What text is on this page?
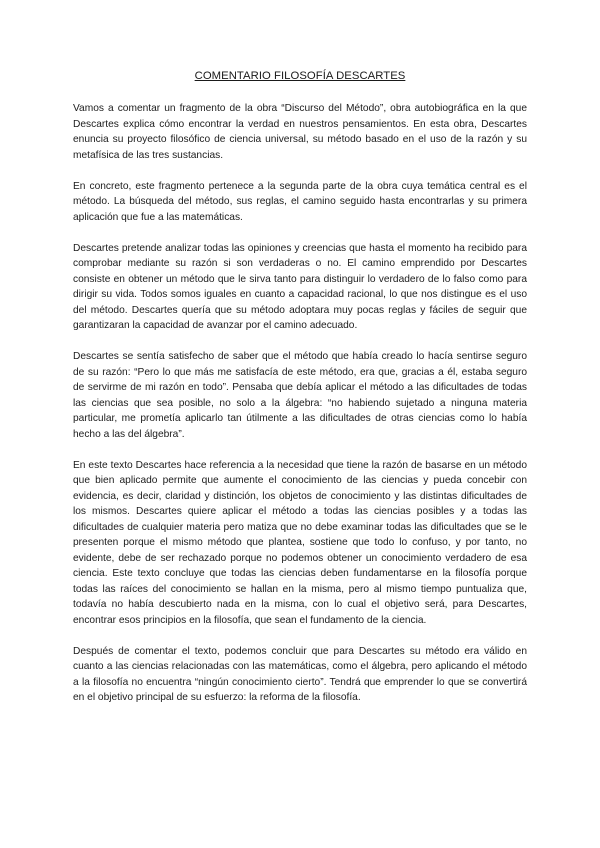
COMENTARIO FILOSOFÍA DESCARTES

Vamos a comentar un fragmento de la obra “Discurso del Método”, obra autobiográfica en la que Descartes explica cómo encontrar la verdad en nuestros pensamientos. En esta obra, Descartes enuncia su proyecto filosófico de ciencia universal, su método basado en el uso de la razón y su metafísica de las tres sustancias.

En concreto, este fragmento pertenece a la segunda parte de la obra cuya temática central es el método. La búsqueda del método, sus reglas, el camino seguido hasta encontrarlas y su primera aplicación que fue a las matemáticas.

Descartes pretende analizar todas las opiniones y creencias que hasta el momento ha recibido para comprobar mediante su razón si son verdaderas o no. El camino emprendido por Descartes consiste en obtener un método que le sirva tanto para distinguir lo verdadero de lo falso como para dirigir su vida. Todos somos iguales en cuanto a capacidad racional, lo que nos distingue es el uso del método. Descartes quería que su método adoptara muy pocas reglas y fáciles de seguir que garantizaran la capacidad de avanzar por el camino adecuado.

Descartes se sentía satisfecho de saber que el método que había creado lo hacía sentirse seguro de su razón: “Pero lo que más me satisfacía de este método, era que, gracias a él, estaba seguro de servirme de mi razón en todo”. Pensaba que debía aplicar el método a las dificultades de todas las ciencias que sea posible, no solo a la álgebra: “no habiendo sujetado a ninguna materia particular, me prometía aplicarlo tan útilmente a las dificultades de otras ciencias como lo había hecho a las del álgebra”.

En este texto Descartes hace referencia a la necesidad que tiene la razón de basarse en un método que bien aplicado permite que aumente el conocimiento de las ciencias y pueda concebir con evidencia, es decir, claridad y distinción, los objetos de conocimiento y las distintas dificultades de los mismos. Descartes quiere aplicar el método a todas las ciencias posibles y a todas las dificultades de cualquier materia pero matiza que no debe examinar todas las dificultades que se le presenten porque el mismo método que plantea, sostiene que todo lo confuso, y por tanto, no evidente, debe de ser rechazado porque no podemos obtener un conocimiento verdadero de esa ciencia. Este texto concluye que todas las ciencias deben fundamentarse en la filosofía porque todas las raíces del conocimiento se hallan en la misma, pero al mismo tiempo puntualiza que, todavía no había descubierto nada en la misma, con lo cual el objetivo será, para Descartes, encontrar esos principios en la filosofía, que sean el fundamento de la ciencia.

Después de comentar el texto, podemos concluir que para Descartes su método era válido en cuanto a las ciencias relacionadas con las matemáticas, como el álgebra, pero aplicando el método a la filosofía no encuentra “ningún conocimiento cierto”. Tendrá que emprender lo que se convertirá en el objetivo principal de su esfuerzo: la reforma de la filosofía.
